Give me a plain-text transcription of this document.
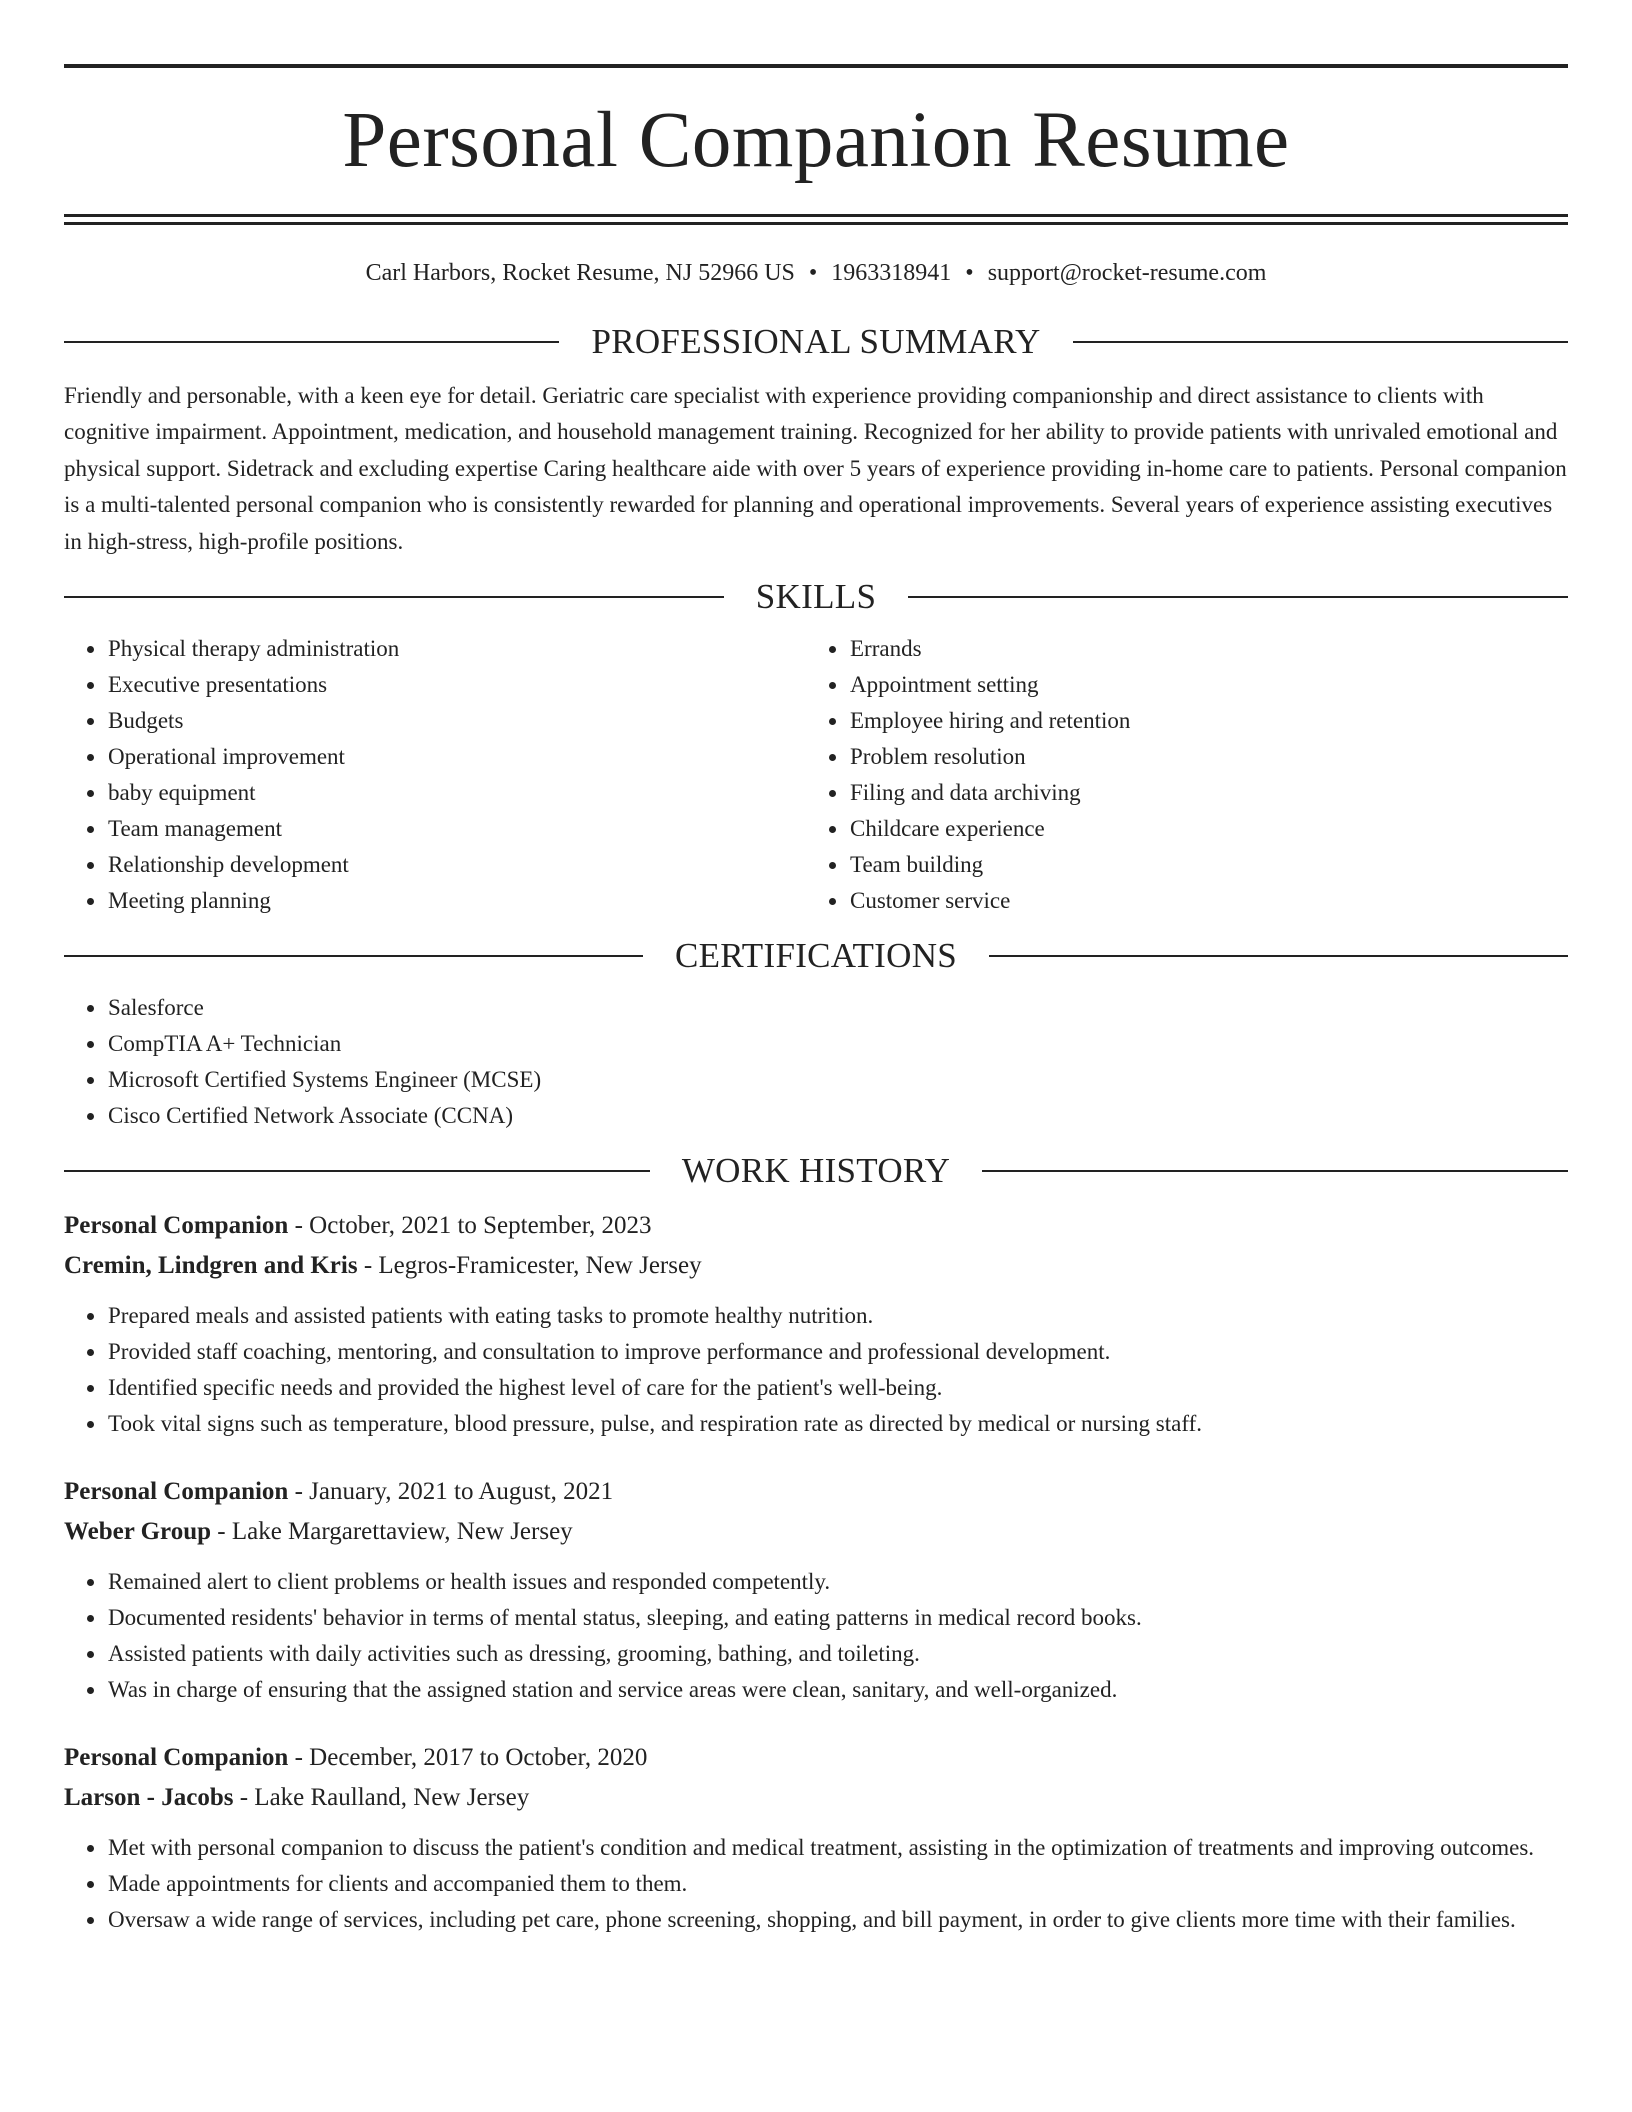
Personal Companion Resume
Carl Harbors, Rocket Resume, NJ 52966 US • 1963318941 • support@rocket-resume.com
PROFESSIONAL SUMMARY

Friendly and personable, with a keen eye for detail. Geriatric care specialist with experience providing companionship and direct assistance to clients with cognitive impairment. Appointment, medication, and household management training. Recognized for her ability to provide patients with unrivaled emotional and physical support. Sidetrack and excluding expertise Caring healthcare aide with over 5 years of experience providing in-home care to patients. Personal companion is a multi-talented personal companion who is consistently rewarded for planning and operational improvements. Several years of experience assisting executives in high-stress, high-profile positions.

SKILLS
• Physical therapy administration
• Executive presentations
• Budgets
• Operational improvement
• baby equipment
• Team management
• Relationship development
• Meeting planning
• Errands
• Appointment setting
• Employee hiring and retention
• Problem resolution
• Filing and data archiving
• Childcare experience
• Team building
• Customer service
CERTIFICATIONS
• Salesforce
• CompTIA A+ Technician
• Microsoft Certified Systems Engineer (MCSE)
• Cisco Certified Network Associate (CCNA)
WORK HISTORY
Personal Companion - October, 2021 to September, 2023
Cremin, Lindgren and Kris - Legros-Framicester, New Jersey
• Prepared meals and assisted patients with eating tasks to promote healthy nutrition.
• Provided staff coaching, mentoring, and consultation to improve performance and professional development.
• Identified specific needs and provided the highest level of care for the patient's well-being.
• Took vital signs such as temperature, blood pressure, pulse, and respiration rate as directed by medical or nursing staff.
Personal Companion - January, 2021 to August, 2021
Weber Group - Lake Margarettaview, New Jersey
• Remained alert to client problems or health issues and responded competently.
• Documented residents' behavior in terms of mental status, sleeping, and eating patterns in medical record books.
• Assisted patients with daily activities such as dressing, grooming, bathing, and toileting.
• Was in charge of ensuring that the assigned station and service areas were clean, sanitary, and well-organized.
Personal Companion - December, 2017 to October, 2020
Larson - Jacobs - Lake Raulland, New Jersey
• Met with personal companion to discuss the patient's condition and medical treatment, assisting in the optimization of treatments and improving outcomes.
• Made appointments for clients and accompanied them to them.
• Oversaw a wide range of services, including pet care, phone screening, shopping, and bill payment, in order to give clients more time with their families.
